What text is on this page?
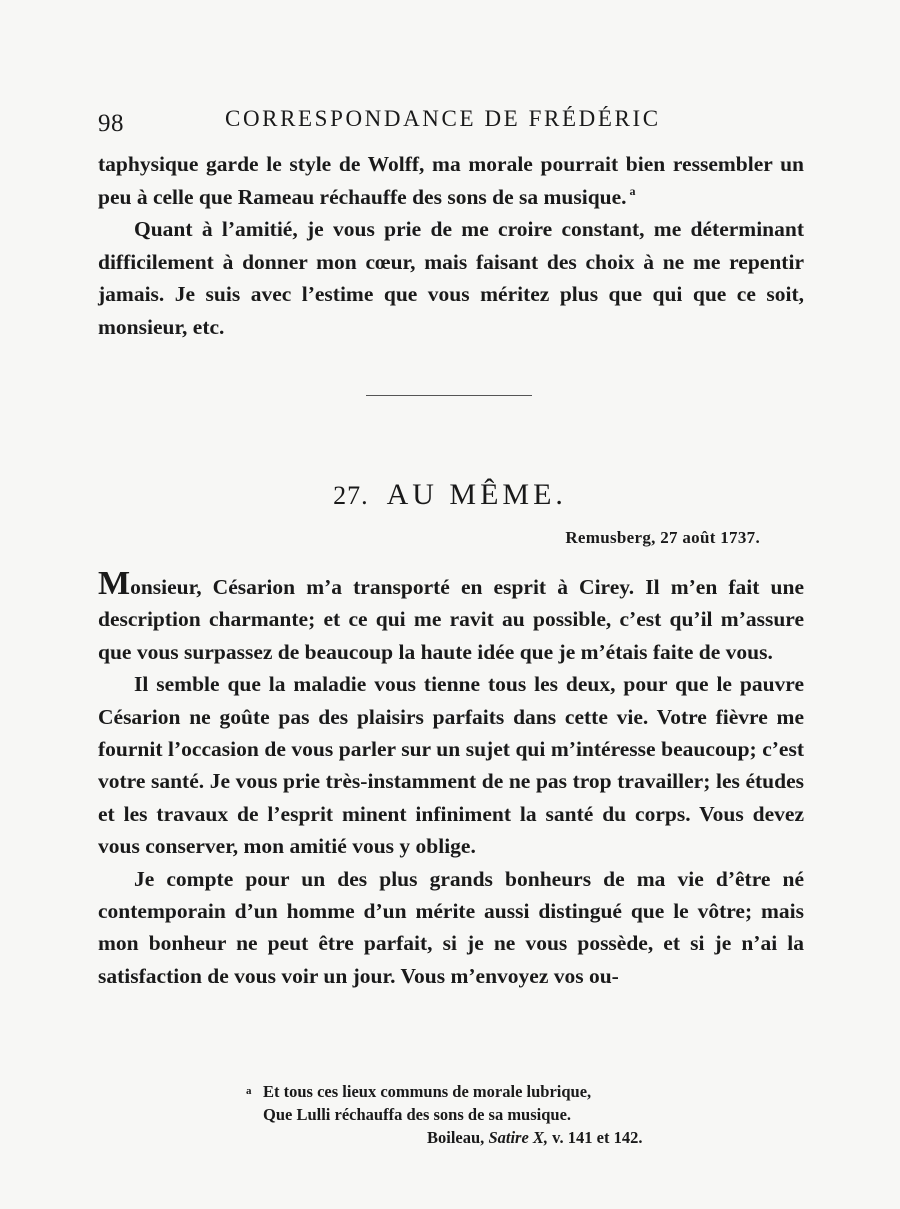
98	CORRESPONDANCE DE FRÉDÉRIC

taphysique garde le style de Wolff, ma morale pourrait bien ressembler un peu à celle que Rameau réchauffe des sons de sa musique. $^a$

Quant à l’amitié, je vous prie de me croire constant, me déterminant difficilement à donner mon cœur, mais faisant des choix à ne me repentir jamais. Je suis avec l’estime que vous méritez plus que qui que ce soit, monsieur, etc.

27. AU MÊME.
Remusberg, 27 août 1737.

Monsieur, Césarion m’a transporté en esprit à Cirey. Il m’en fait une description charmante; et ce qui me ravit au possible, c’est qu’il m’assure que vous surpassez de beaucoup la haute idée que je m’étais faite de vous.

Il semble que la maladie vous tienne tous les deux, pour que le pauvre Césarion ne goûte pas des plaisirs parfaits dans cette vie. Votre fièvre me fournit l’occasion de vous parler sur un sujet qui m’intéresse beaucoup; c’est votre santé. Je vous prie très-instamment de ne pas trop travailler; les études et les travaux de l’esprit minent infiniment la santé du corps. Vous devez vous conserver, mon amitié vous y oblige.

Je compte pour un des plus grands bonheurs de ma vie d’être né contemporain d’un homme d’un mérite aussi distingué que le vôtre; mais mon bonheur ne peut être parfait, si je ne vous possède, et si je n’ai la satisfaction de vous voir un jour. Vous m’envoyez vos ou-

a Et tous ces lieux communs de morale lubrique,
Que Lulli réchauffa des sons de sa musique.
Boileau, Satire X, v. 141 et 142.
